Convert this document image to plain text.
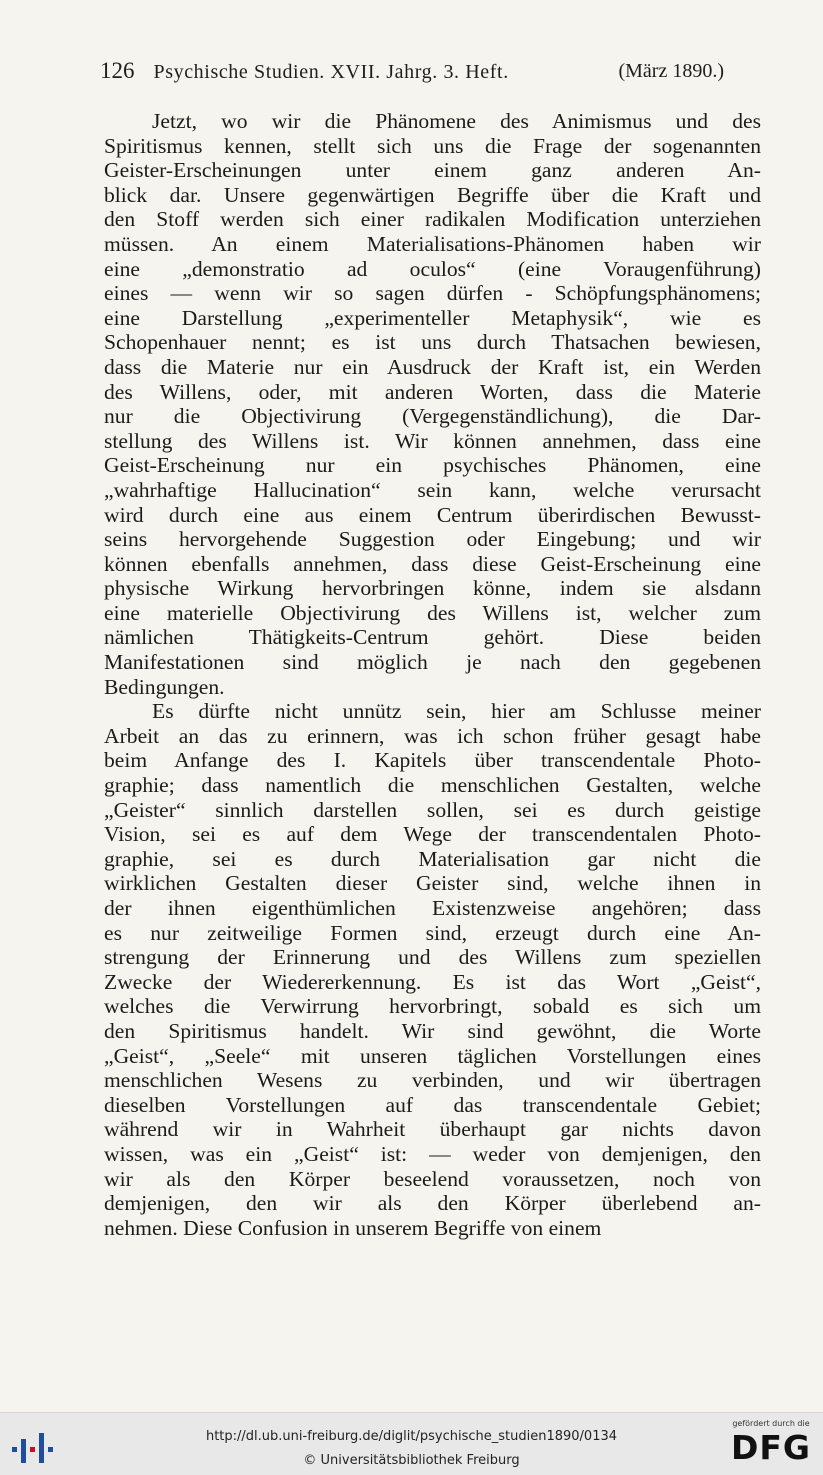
126 Psychische Studien. XVII. Jahrg. 3. Heft.	(März 1890.)
Jetzt, wo wir die Phänomene des Animismus und des
Spiritismus kennen, stellt sich uns die Frage der sogenannten
Geister-Erscheinungen unter einem ganz anderen An-
blick dar. Unsere gegenwärtigen Begriffe über die Kraft und
den Stoff werden sich einer radikalen Modification unterziehen
müssen. An einem Materialisations-Phänomen haben wir
eine „demonstratio ad oculos“ (eine Voraugenführung)
eines — wenn wir so sagen dürfen - Schöpfungsphänomens;
eine Darstellung „experimenteller Metaphysik“, wie es
Schopenhauer nennt; es ist uns durch Thatsachen bewiesen,
dass die Materie nur ein Ausdruck der Kraft ist, ein Werden
des Willens, oder, mit anderen Worten, dass die Materie
nur die Objectivirung (Vergegenständlichung), die Dar-
stellung des Willens ist. Wir können annehmen, dass eine
Geist-Erscheinung nur ein psychisches Phänomen, eine
„wahrhaftige Hallucination“ sein kann, welche verursacht
wird durch eine aus einem Centrum überirdischen Bewusst-
seins hervorgehende Suggestion oder Eingebung; und wir
können ebenfalls annehmen, dass diese Geist-Erscheinung eine
physische Wirkung hervorbringen könne, indem sie alsdann
eine materielle Objectivirung des Willens ist, welcher zum
nämlichen Thätigkeits-Centrum gehört. Diese beiden
Manifestationen sind möglich je nach den gegebenen
Bedingungen.
Es dürfte nicht unnütz sein, hier am Schlusse meiner
Arbeit an das zu erinnern, was ich schon früher gesagt habe
beim Anfange des I. Kapitels über transcendentale Photo-
graphie; dass namentlich die menschlichen Gestalten, welche
„Geister“ sinnlich darstellen sollen, sei es durch geistige
Vision, sei es auf dem Wege der transcendentalen Photo-
graphie, sei es durch Materialisation gar nicht die
wirklichen Gestalten dieser Geister sind, welche ihnen in
der ihnen eigenthümlichen Existenzweise angehören; dass
es nur zeitweilige Formen sind, erzeugt durch eine An-
strengung der Erinnerung und des Willens zum speziellen
Zwecke der Wiedererkennung. Es ist das Wort „Geist“,
welches die Verwirrung hervorbringt, sobald es sich um
den Spiritismus handelt. Wir sind gewöhnt, die Worte
„Geist“, „Seele“ mit unseren täglichen Vorstellungen eines
menschlichen Wesens zu verbinden, und wir übertragen
dieselben Vorstellungen auf das transcendentale Gebiet;
während wir in Wahrheit überhaupt gar nichts davon
wissen, was ein „Geist“ ist: — weder von demjenigen, den
wir als den Körper beseelend voraussetzen, noch von
demjenigen, den wir als den Körper überlebend an-
nehmen. Diese Confusion in unserem Begriffe von einem
http://dl.ub.uni-freiburg.de/diglit/psychische_studien1890/0134
© Universitätsbibliothek Freiburg
gefördert durch die
DFG
